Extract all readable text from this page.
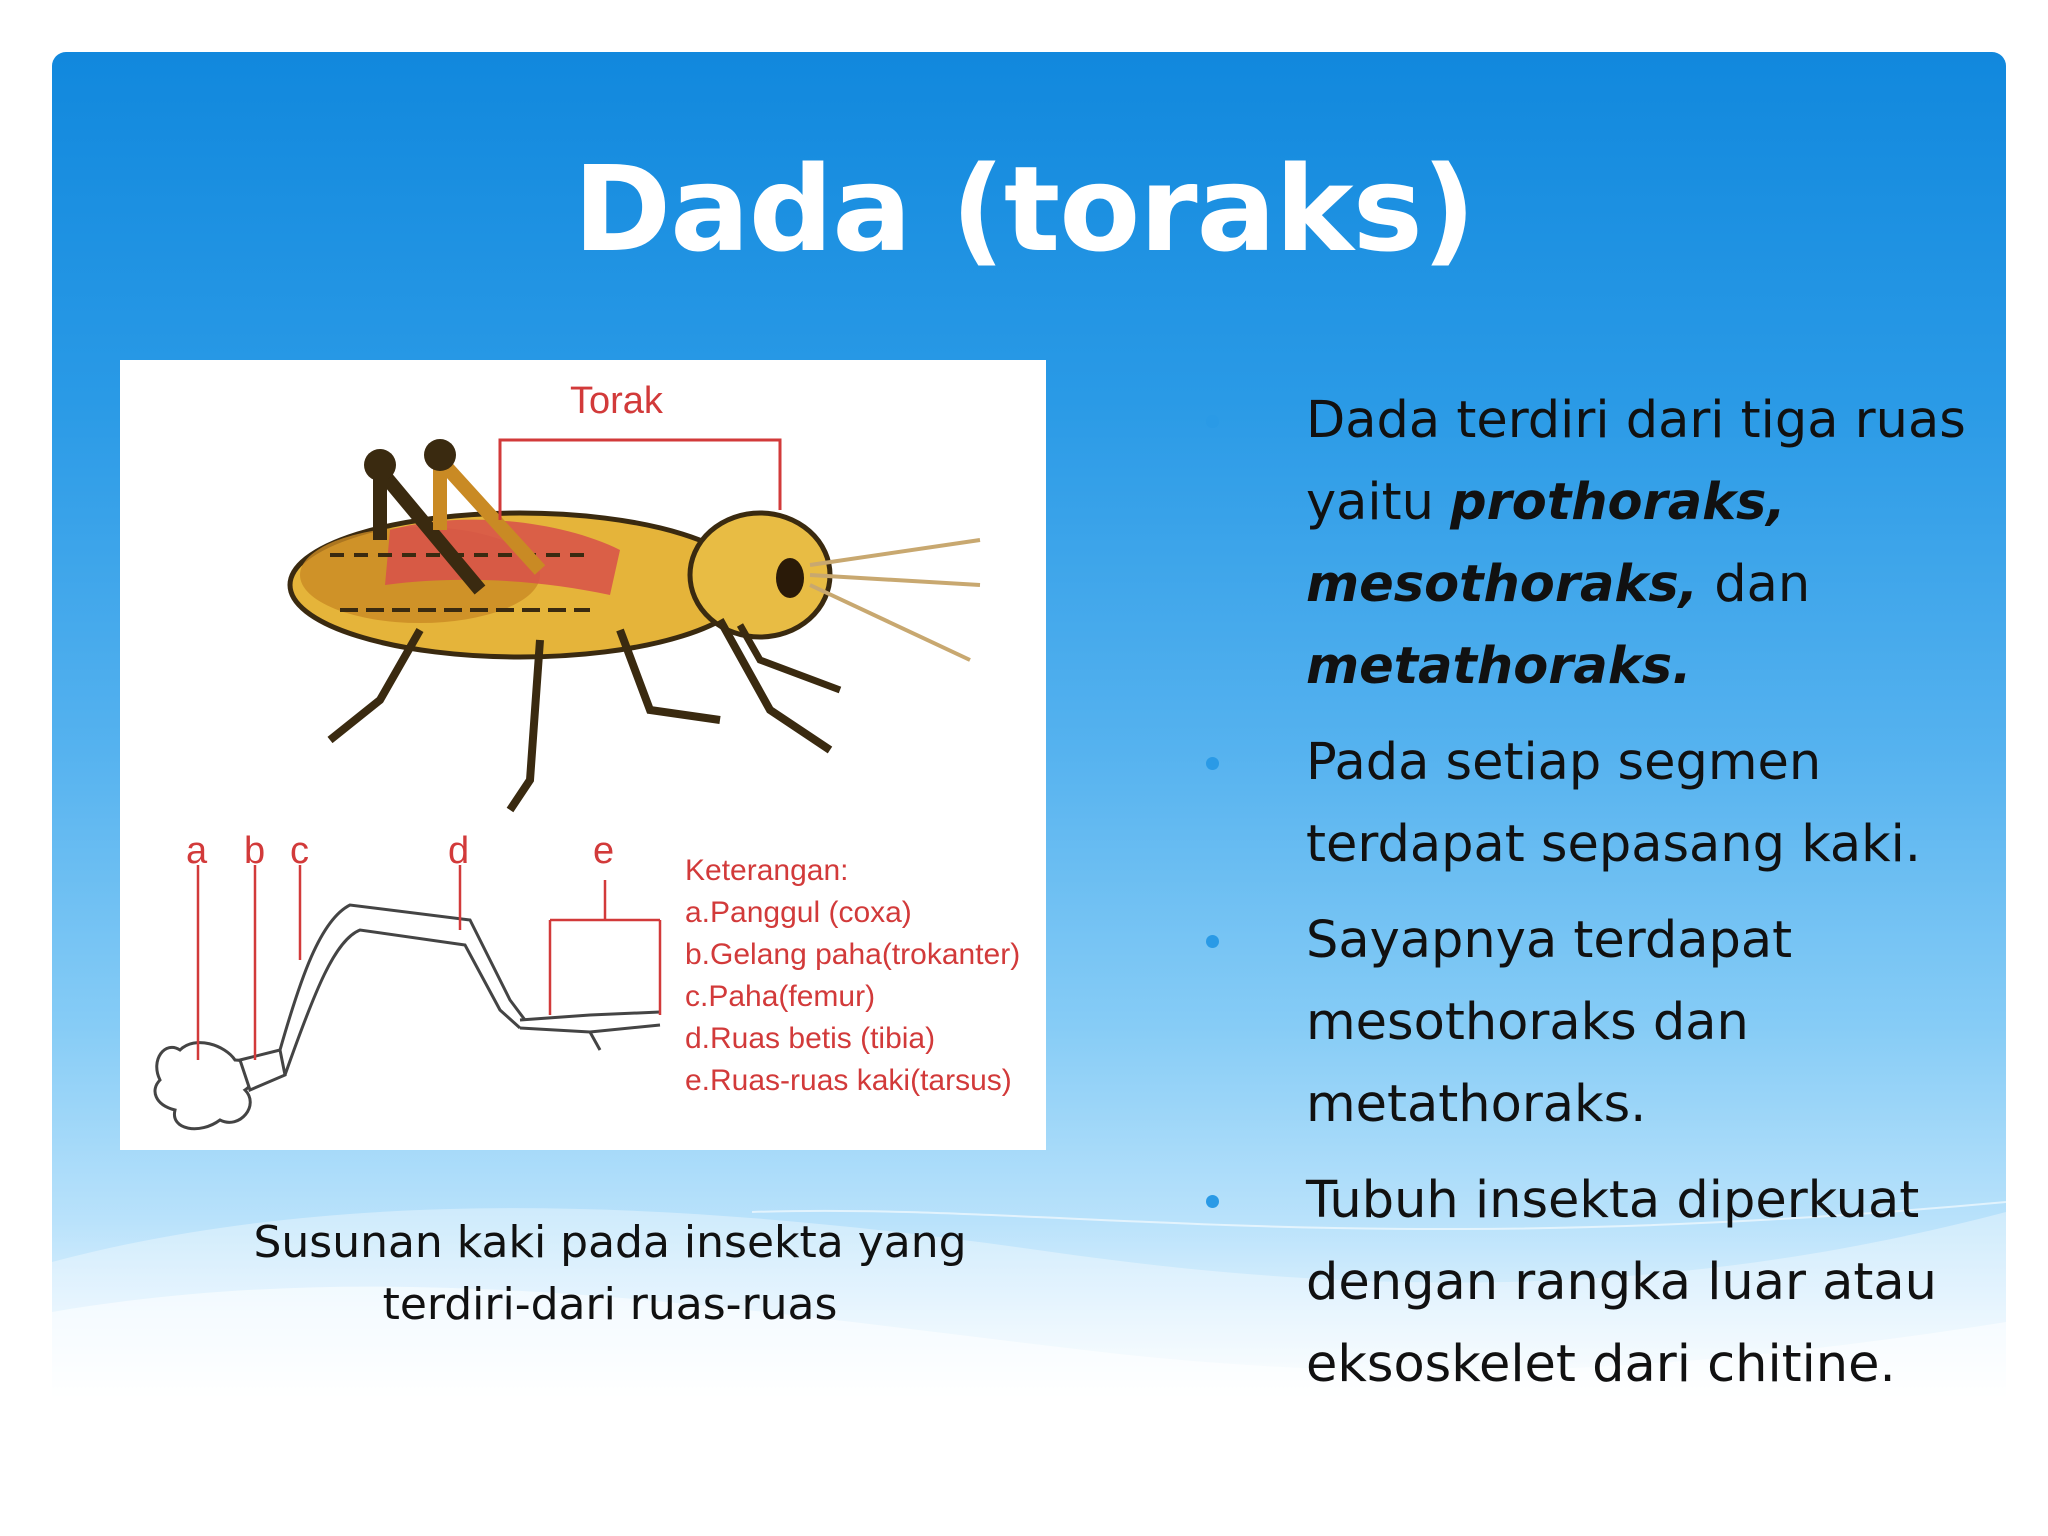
Dada (toraks)
Torak
a b c	d	e Keterangan:
a.Panggul (coxa)
b.Gelang paha(trokanter)
c.Paha(femur)
d.Ruas betis (tibia)
e.Ruas-ruas kaki(tarsus)
Susunan kaki pada insekta yang
terdiri-dari ruas-ruas
Dada terdiri dari tiga ruas yaitu prothoraks, mesothoraks, dan metathoraks.
Pada setiap segmen terdapat sepasang kaki.
Sayapnya terdapat mesothoraks dan metathoraks.
Tubuh insekta diperkuat dengan rangka luar atau eksoskelet dari chitine.
